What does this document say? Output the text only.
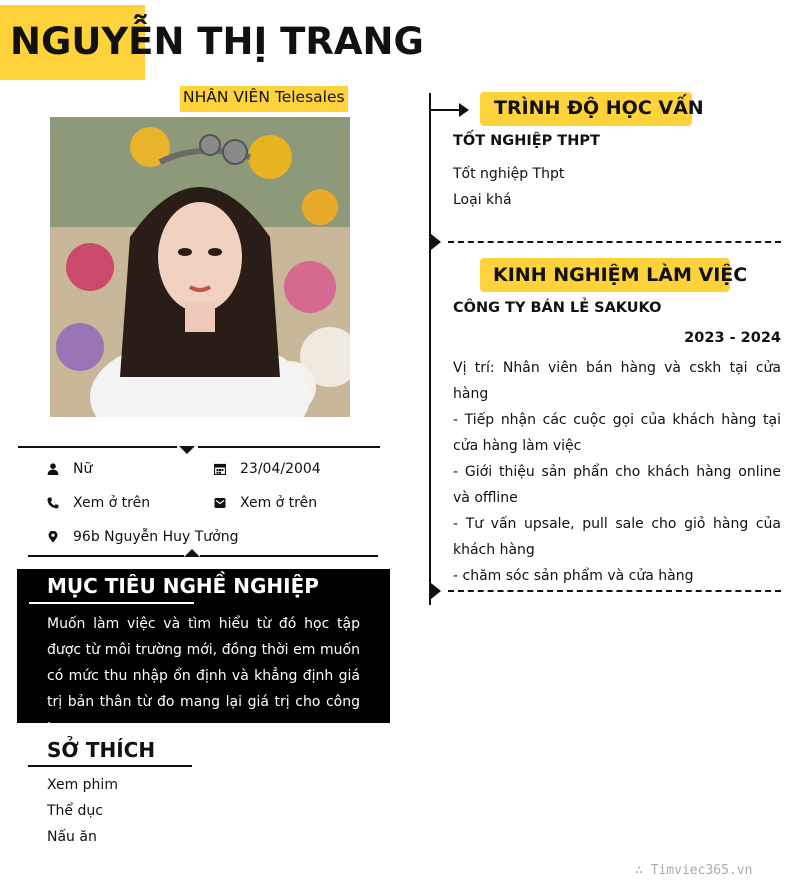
NGUYỄN THỊ TRANG
NHÂN VIÊN Telesales
Nữ	23/04/2004
Xem ở trên	Xem ở trên
96b Nguyễn Huy Tưởng
MỤC TIÊU NGHỀ NGHIỆP
Muốn làm việc và tìm hiểu từ đó học tập được từ môi trường mới, đồng thời em muốn có mức thu nhập ổn định và khẳng định giá trị bản thân từ đo mang lại giá trị cho công ty
SỞ THÍCH
Xem phim
Thể dục
Nấu ăn
TRÌNH ĐỘ HỌC VẤN
TỐT NGHIỆP THPT
Tốt nghiệp Thpt
Loại khá
KINH NGHIỆM LÀM VIỆC
CÔNG TY BÁN LẺ SAKUKO
2023 - 2024
Vị trí: Nhân viên bán hàng và cskh tại cửa hàng
- Tiếp nhận các cuộc gọi của khách hàng tại cửa hàng làm việc
- Giới thiệu sản phẩn cho khách hàng online và offline
- Tư vấn upsale, pull sale cho giỏ hàng của khách hàng
- chăm sóc sản phẩm và cửa hàng
∴ Timviec365.vn
